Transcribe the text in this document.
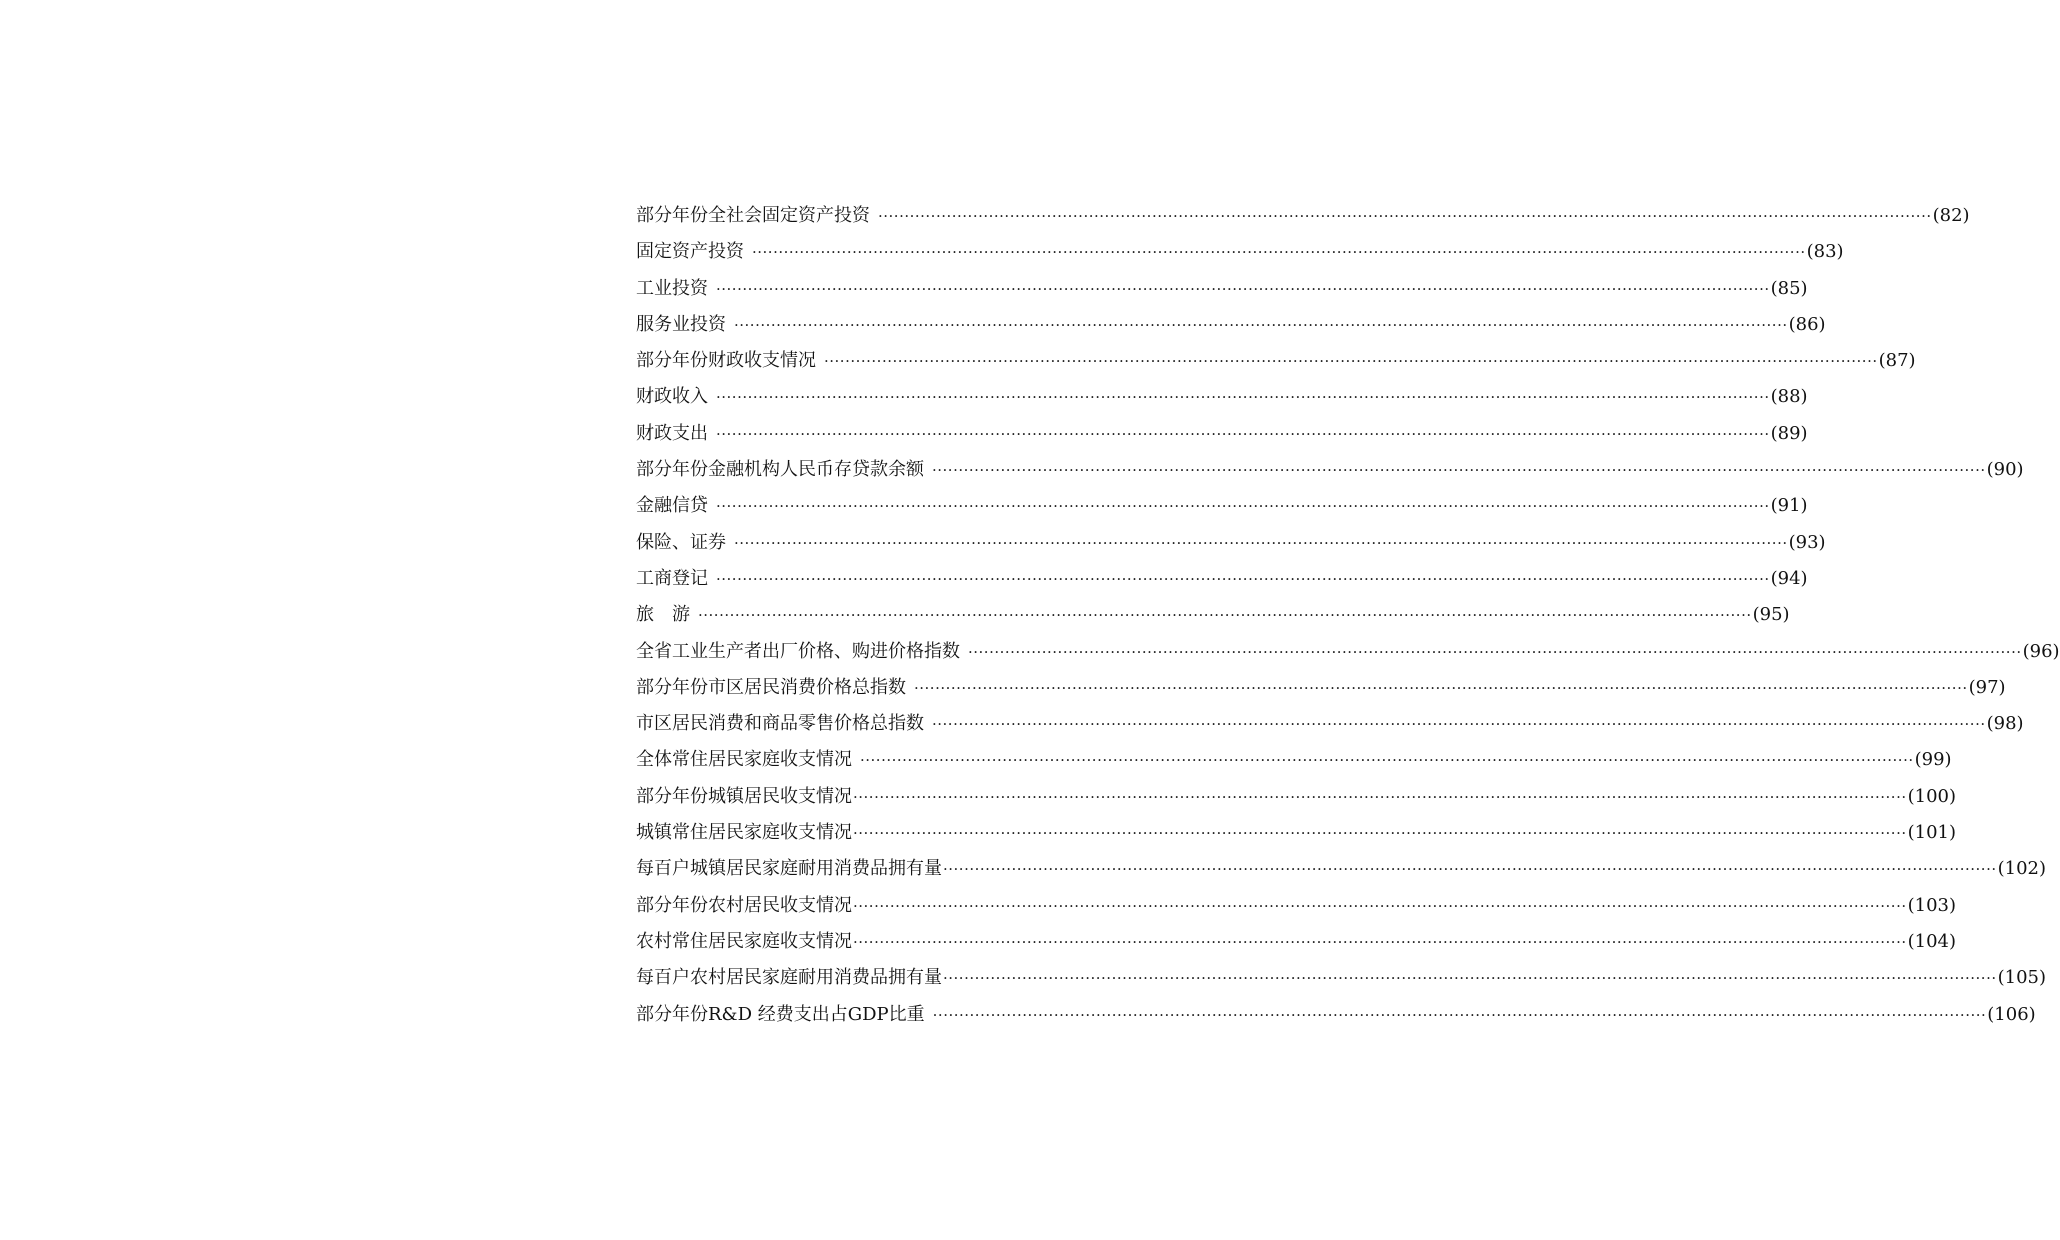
部分年份全社会固定资产投资 ········································································································································································································ (82)
固定资产投资 ········································································································································································································ (83)
工业投资 ········································································································································································································ (85)
服务业投资 ········································································································································································································ (86)
部分年份财政收支情况 ········································································································································································································ (87)
财政收入 ········································································································································································································ (88)
财政支出 ········································································································································································································ (89)
部分年份金融机构人民币存贷款余额 ········································································································································································································ (90)
金融信贷 ········································································································································································································ (91)
保险、证券 ········································································································································································································ (93)
工商登记 ········································································································································································································ (94)
旅　游 ········································································································································································································ (95)
全省工业生产者出厂价格、购进价格指数 ········································································································································································································ (96)
部分年份市区居民消费价格总指数 ········································································································································································································ (97)
市区居民消费和商品零售价格总指数 ········································································································································································································ (98)
全体常住居民家庭收支情况 ········································································································································································································ (99)
部分年份城镇居民收支情况 ········································································································································································································ (100)
城镇常住居民家庭收支情况 ········································································································································································································ (101)
每百户城镇居民家庭耐用消费品拥有量 ········································································································································································································ (102)
部分年份农村居民收支情况 ········································································································································································································ (103)
农村常住居民家庭收支情况 ········································································································································································································ (104)
每百户农村居民家庭耐用消费品拥有量 ········································································································································································································ (105)
部分年份R&D 经费支出占GDP比重 ········································································································································································································ (106)
